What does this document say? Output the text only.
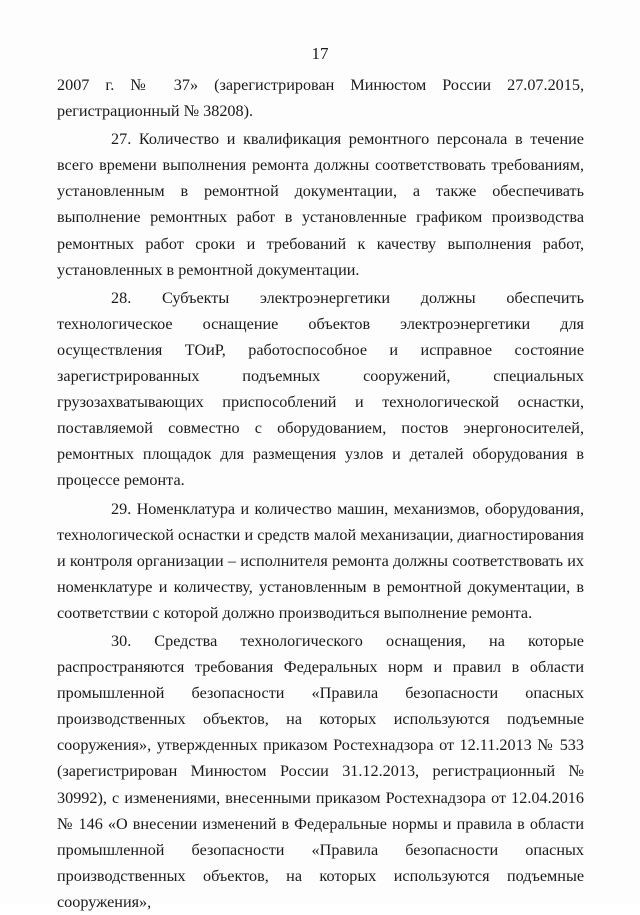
17

2007 г. № 37» (зарегистрирован Минюстом России 27.07.2015, регистрационный № 38208).

27. Количество и квалификация ремонтного персонала в течение всего времени выполнения ремонта должны соответствовать требованиям, установленным в ремонтной документации, а также обеспечивать выполнение ремонтных работ в установленные графиком производства ремонтных работ сроки и требований к качеству выполнения работ, установленных в ремонтной документации.

28. Субъекты электроэнергетики должны обеспечить технологическое оснащение объектов электроэнергетики для осуществления ТОиР, работоспособное и исправное состояние зарегистрированных подъемных сооружений, специальных грузозахватывающих приспособлений и технологической оснастки, поставляемой совместно с оборудованием, постов энергоносителей, ремонтных площадок для размещения узлов и деталей оборудования в процессе ремонта.

29. Номенклатура и количество машин, механизмов, оборудования, технологической оснастки и средств малой механизации, диагностирования и контроля организации – исполнителя ремонта должны соответствовать их номенклатуре и количеству, установленным в ремонтной документации, в соответствии с которой должно производиться выполнение ремонта.

30. Средства технологического оснащения, на которые распространяются требования Федеральных норм и правил в области промышленной безопасности «Правила безопасности опасных производственных объектов, на которых используются подъемные сооружения», утвержденных приказом Ростехнадзора от 12.11.2013 № 533 (зарегистрирован Минюстом России 31.12.2013, регистрационный № 30992), с изменениями, внесенными приказом Ростехнадзора от 12.04.2016 № 146 «О внесении изменений в Федеральные нормы и правила в области промышленной безопасности «Правила безопасности опасных производственных объектов, на которых используются подъемные сооружения»,
